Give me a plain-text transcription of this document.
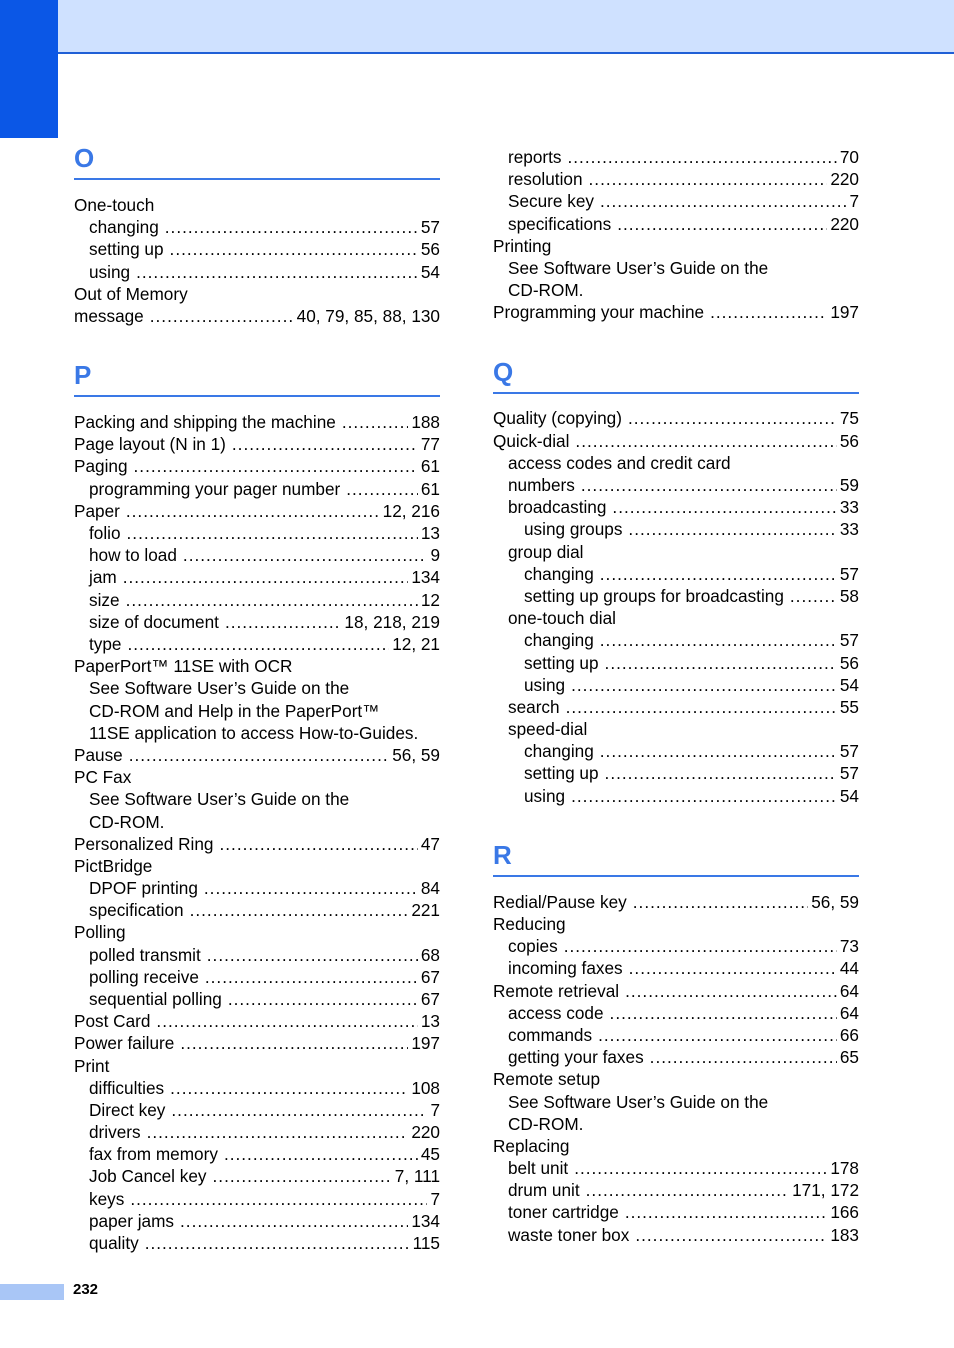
O
One-touch
changing .....	57
setting up .....	56
using .....	54
Out of Memory
message .....	40, 79, 85, 88, 130
P
Packing and shipping the machine .....	188
Page layout (N in 1) .....	77
Paging .....	61
programming your pager number .....	61
Paper .....	12, 216
folio .....	13
how to load .....	9
jam .....	134
size .....	12
size of document .....	18, 218, 219
type .....	12, 21
PaperPort™ 11SE with OCR
See Software User’s Guide on the
CD-ROM and Help in the PaperPort™
11SE application to access How-to-Guides.
Pause .....	56, 59
PC Fax
See Software User’s Guide on the
CD-ROM.
Personalized Ring .....	47
PictBridge
DPOF printing .....	84
specification .....	221
Polling
polled transmit .....	68
polling receive .....	67
sequential polling .....	67
Post Card .....	13
Power failure .....	197
Print
difficulties .....	108
Direct key .....	7
drivers .....	220
fax from memory .....	45
Job Cancel key .....	7, 111
keys .....	7
paper jams .....	134
quality .....	115
reports .....	70
resolution .....	220
Secure key .....	7
specifications .....	220
Printing
See Software User’s Guide on the
CD-ROM.
Programming your machine .....	197
Q
Quality (copying) .....	75
Quick-dial .....	56
access codes and credit card
numbers .....	59
broadcasting .....	33
using groups .....	33
group dial
changing .....	57
setting up groups for broadcasting .....	58
one-touch dial
changing .....	57
setting up .....	56
using .....	54
search .....	55
speed-dial
changing .....	57
setting up .....	57
using .....	54
R
Redial/Pause key .....	56, 59
Reducing
copies .....	73
incoming faxes .....	44
Remote retrieval .....	64
access code .....	64
commands .....	66
getting your faxes .....	65
Remote setup
See Software User’s Guide on the
CD-ROM.
Replacing
belt unit .....	178
drum unit .....	171, 172
toner cartridge .....	166
waste toner box .....	183
232
